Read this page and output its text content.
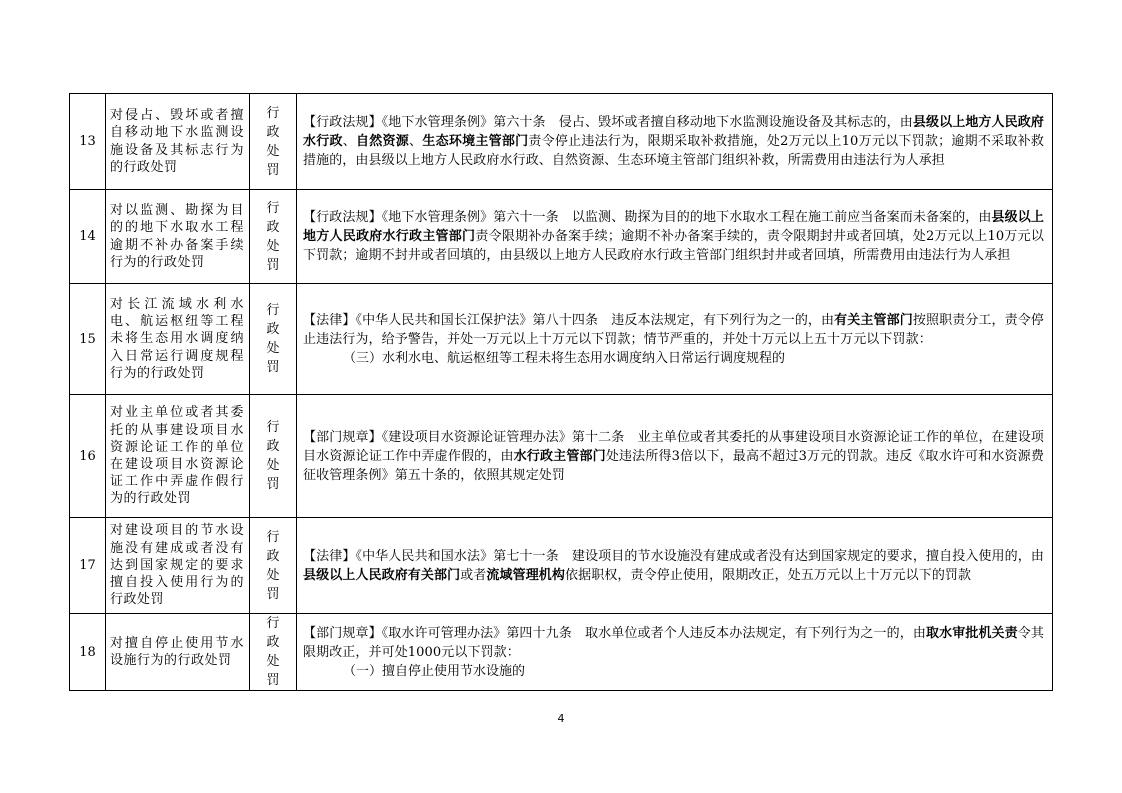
13	对侵占、毁坏或者擅自移动地下水监测设施设备及其标志行为的行政处罚	行政处罚	【行政法规】《地下水管理条例》第六十条　侵占、毁坏或者擅自移动地下水监测设施设备及其标志的，由县级以上地方人民政府水行政、自然资源、生态环境主管部门责令停止违法行为，限期采取补救措施，处2万元以上10万元以下罚款；逾期不采取补救措施的，由县级以上地方人民政府水行政、自然资源、生态环境主管部门组织补救，所需费用由违法行为人承担

14	对以监测、勘探为目的的地下水取水工程逾期不补办备案手续行为的行政处罚	行政处罚	【行政法规】《地下水管理条例》第六十一条　以监测、勘探为目的的地下水取水工程在施工前应当备案而未备案的，由县级以上地方人民政府水行政主管部门责令限期补办备案手续；逾期不补办备案手续的，责令限期封井或者回填，处2万元以上10万元以下罚款；逾期不封井或者回填的，由县级以上地方人民政府水行政主管部门组织封井或者回填，所需费用由违法行为人承担

15	对长江流域水利水电、航运枢纽等工程未将生态用水调度纳入日常运行调度规程行为的行政处罚	行政处罚	【法律】《中华人民共和国长江保护法》第八十四条　违反本法规定，有下列行为之一的，由有关主管部门按照职责分工，责令停止违法行为，给予警告，并处一万元以上十万元以下罚款；情节严重的，并处十万元以上五十万元以下罚款：

（三）水利水电、航运枢纽等工程未将生态用水调度纳入日常运行调度规程的

16	对业主单位或者其委托的从事建设项目水资源论证工作的单位在建设项目水资源论证工作中弄虚作假行为的行政处罚	行政处罚	【部门规章】《建设项目水资源论证管理办法》第十二条　业主单位或者其委托的从事建设项目水资源论证工作的单位，在建设项目水资源论证工作中弄虚作假的，由水行政主管部门处违法所得3倍以下，最高不超过3万元的罚款。违反《取水许可和水资源费征收管理条例》第五十条的，依照其规定处罚

17	对建设项目的节水设施没有建成或者没有达到国家规定的要求擅自投入使用行为的行政处罚	行政处罚	【法律】《中华人民共和国水法》第七十一条　建设项目的节水设施没有建成或者没有达到国家规定的要求，擅自投入使用的，由县级以上人民政府有关部门或者流域管理机构依据职权，责令停止使用，限期改正，处五万元以上十万元以下的罚款

18	对擅自停止使用节水设施行为的行政处罚	行政处罚	【部门规章】《取水许可管理办法》第四十九条　取水单位或者个人违反本办法规定，有下列行为之一的，由取水审批机关责令其限期改正，并可处1000元以下罚款：

（一）擅自停止使用节水设施的

4
